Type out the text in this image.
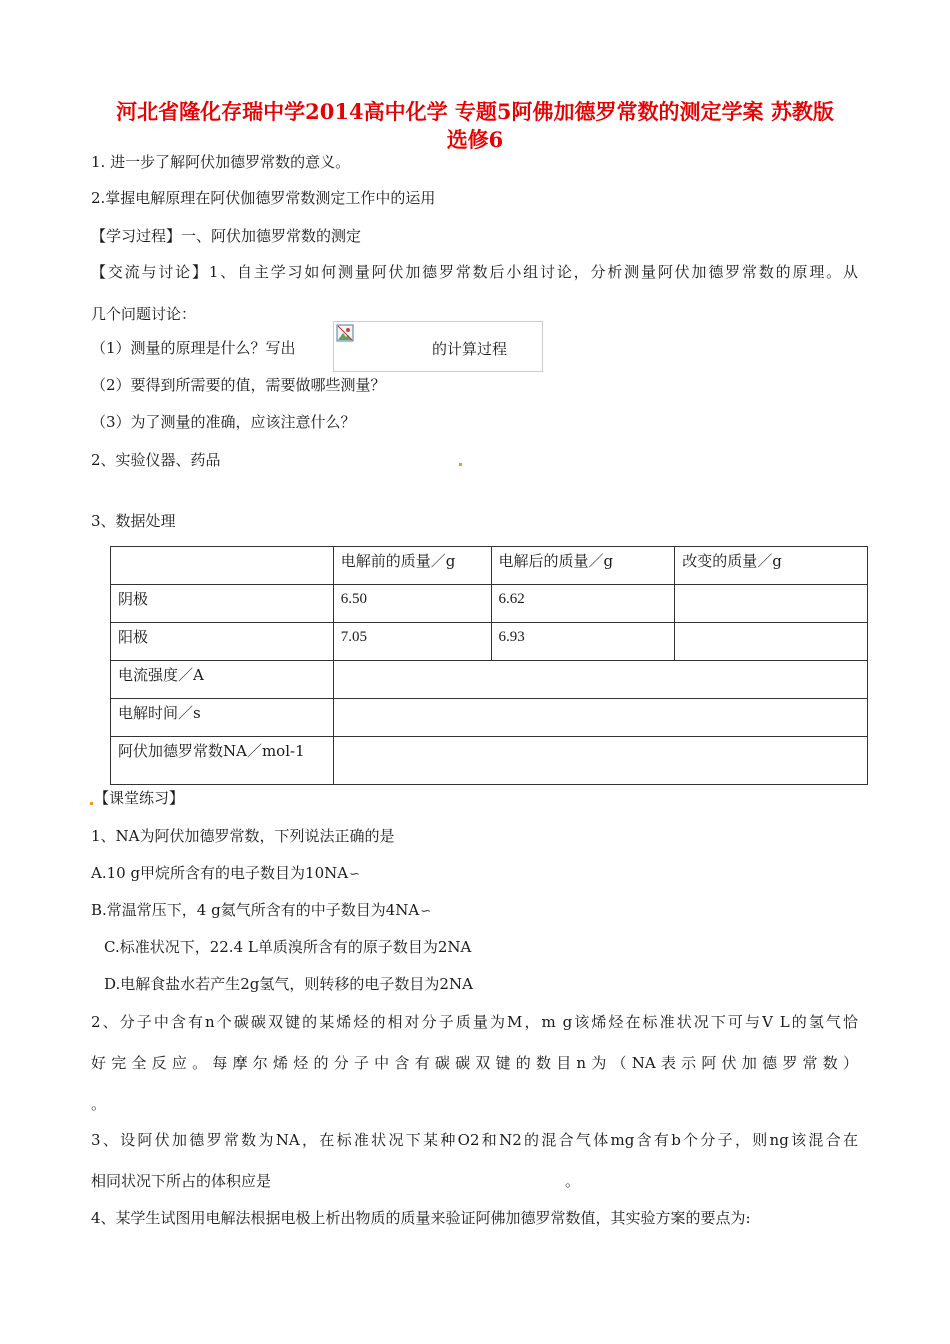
河北省隆化存瑞中学2014高中化学 专题5阿佛加德罗常数的测定学案 苏教版
选修6
1. 进一步了解阿伏加德罗常数的意义。
2.掌握电解原理在阿伏伽德罗常数测定工作中的运用
【学习过程】一、阿伏加德罗常数的测定
【交流与讨论】1、自主学习如何测量阿伏加德罗常数后小组讨论，分析测量阿伏加德罗常数的原理。从
几个问题讨论：
（1）测量的原理是什么？写出	的计算过程
（2）要得到所需要的值，需要做哪些测量？
（3）为了测量的准确，应该注意什么？
2、实验仪器、药品
3、数据处理
	电解前的质量／g	电解后的质量／g	改变的质量／g
阴极	6.50	6.62	
阳极	7.05	6.93	
电流强度／A			
电解时间／s			
阿伏加德罗常数NA／mol-1			
【课堂练习】
1、NA为阿伏加德罗常数，下列说法正确的是
A.10 g甲烷所含有的电子数目为10NA∽
B.常温常压下，4 g氦气所含有的中子数目为4NA∽
C.标准状况下，22.4 L单质溴所含有的原子数目为2NA
D.电解食盐水若产生2g氢气，则转移的电子数目为2NA
2、分子中含有n个碳碳双键的某烯烃的相对分子质量为M，m g该烯烃在标准状况下可与V L的氢气恰
好完全反应。每摩尔烯烃的分子中含有碳碳双键的数目n为（NA表示阿伏加德罗常数）
。
3、设阿伏加德罗常数为NA，在标准状况下某种O2和N2的混合气体mg含有b个分子，则ng该混合在
相同状况下所占的体积应是	。
4、某学生试图用电解法根据电极上析出物质的质量来验证阿佛加德罗常数值，其实验方案的要点为:
